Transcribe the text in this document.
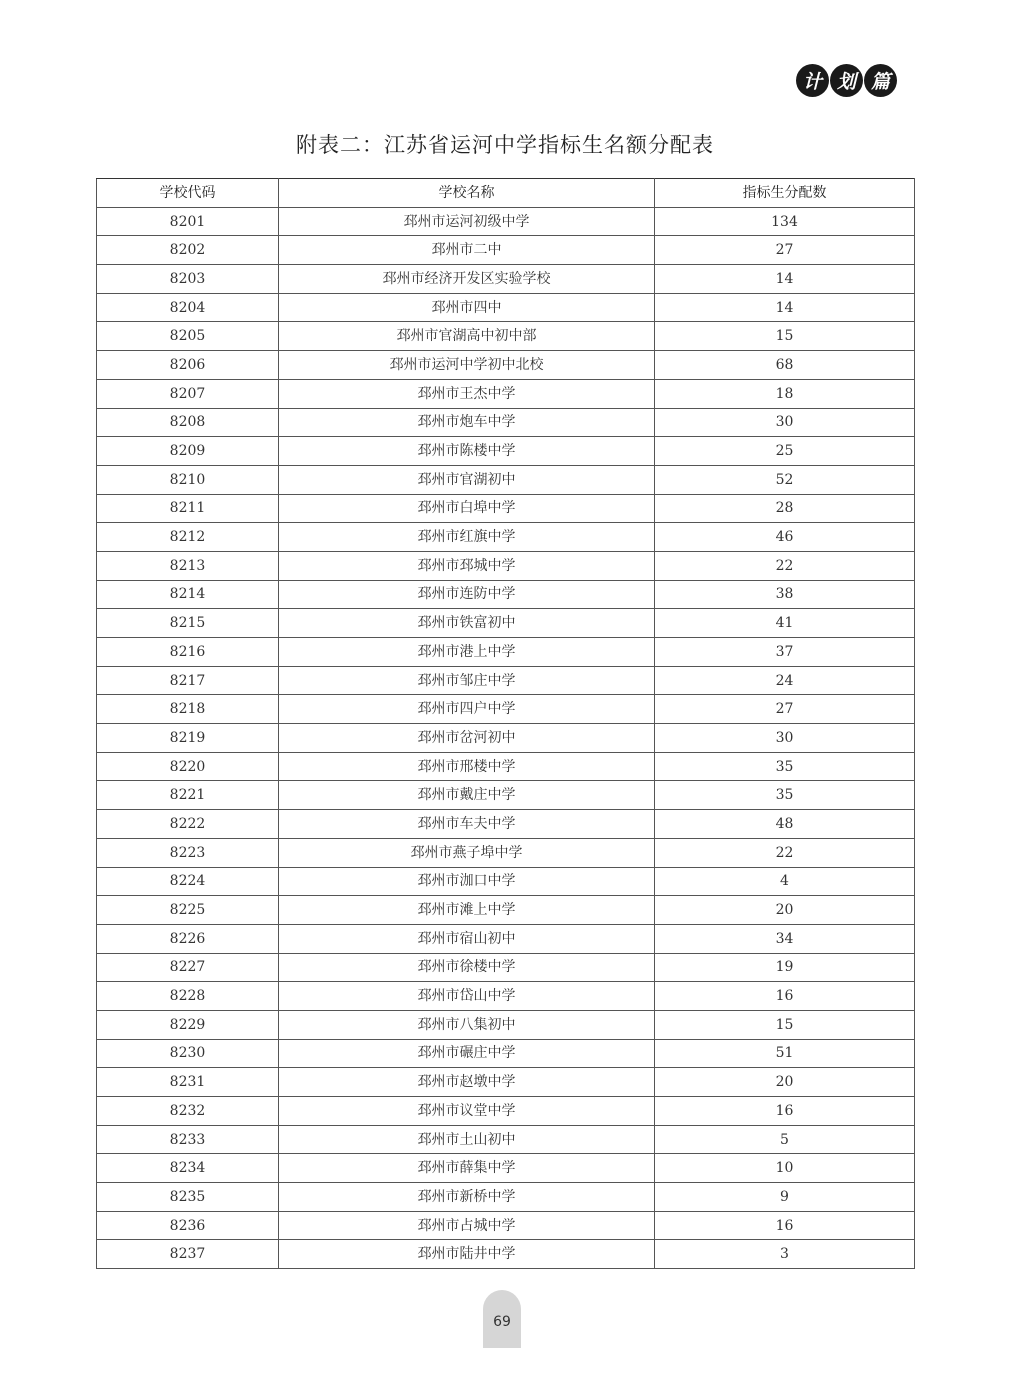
计 划 篇
附表二：江苏省运河中学指标生名额分配表
学校代码	学校名称	指标生分配数
8201	邳州市运河初级中学	134
8202	邳州市二中	27
8203	邳州市经济开发区实验学校	14
8204	邳州市四中	14
8205	邳州市官湖高中初中部	15
8206	邳州市运河中学初中北校	68
8207	邳州市王杰中学	18
8208	邳州市炮车中学	30
8209	邳州市陈楼中学	25
8210	邳州市官湖初中	52
8211	邳州市白埠中学	28
8212	邳州市红旗中学	46
8213	邳州市邳城中学	22
8214	邳州市连防中学	38
8215	邳州市铁富初中	41
8216	邳州市港上中学	37
8217	邳州市邹庄中学	24
8218	邳州市四户中学	27
8219	邳州市岔河初中	30
8220	邳州市邢楼中学	35
8221	邳州市戴庄中学	35
8222	邳州市车夫中学	48
8223	邳州市燕子埠中学	22
8224	邳州市泇口中学	4
8225	邳州市滩上中学	20
8226	邳州市宿山初中	34
8227	邳州市徐楼中学	19
8228	邳州市岱山中学	16
8229	邳州市八集初中	15
8230	邳州市碾庄中学	51
8231	邳州市赵墩中学	20
8232	邳州市议堂中学	16
8233	邳州市土山初中	5
8234	邳州市薛集中学	10
8235	邳州市新桥中学	9
8236	邳州市占城中学	16
8237	邳州市陆井中学	3
69
